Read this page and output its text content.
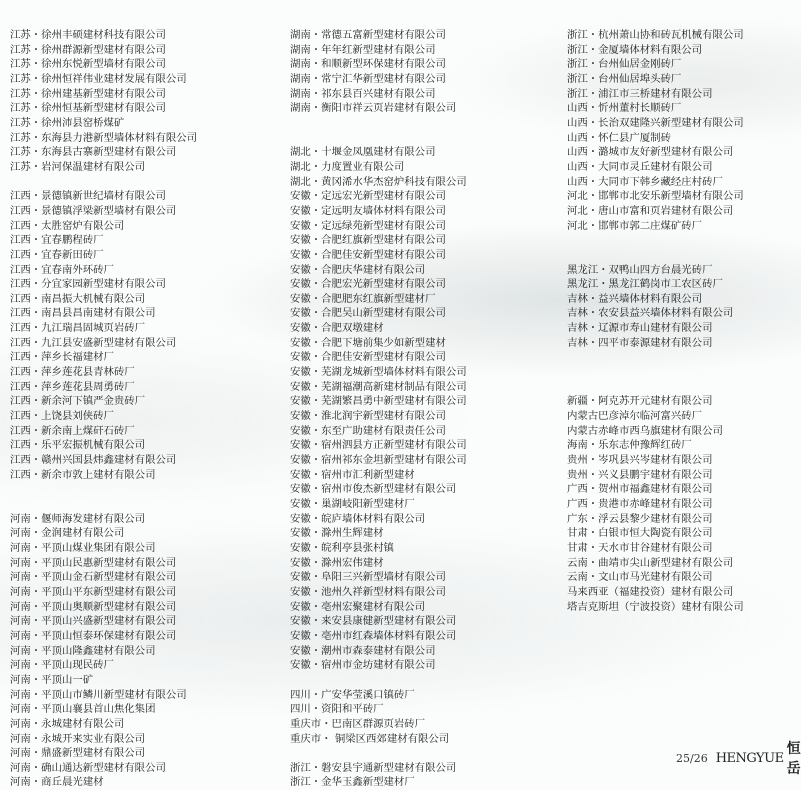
江苏・徐州丰硕建材科技有限公司
江苏・徐州群源新型建材有限公司
江苏・徐州东悦新型墙材有限公司
江苏・徐州恒祥伟业建材发展有限公司
江苏・徐州建基新型建材有限公司
江苏・徐州恒基新型建材有限公司
江苏・徐州沛县窑桥煤矿
江苏・东海县力港新型墙体材料有限公司
江苏・东海县古寨新型建材有限公司
江苏・岩河保温建材有限公司
江西・景德镇新世纪墙材有限公司
江西・景德镇浮梁新型墙材有限公司
江西・太胜窑炉有限公司
江西・宜春鹏程砖厂
江西・宜春新田砖厂
江西・宜春南外环砖厂
江西・分宜家园新型建材有限公司
江西・南昌振大机械有限公司
江西・南昌县昌南建材有限公司
江西・九江瑞昌固城页岩砖厂
江西・九江县安盛新型建材有限公司
江西・萍乡长福建材厂
江西・萍乡莲花县青林砖厂
江西・萍乡莲花县周勇砖厂
江西・新余河下镇严金贵砖厂
江西・上饶县刘侠砖厂
江西・新余南上煤矸石砖厂
江西・乐平宏振机械有限公司
江西・赣州兴国县炜鑫建材有限公司
江西・新余市敦上建材有限公司
河南・偃师海发建材有限公司
河南・金润建材有限公司
河南・平顶山煤业集团有限公司
河南・平顶山民惠新型建材有限公司
河南・平顶山金石新型建材有限公司
河南・平顶山平东新型建材有限公司
河南・平顶山奥顺新型建材有限公司
河南・平顶山兴盛新型建材有限公司
河南・平顶山恒泰环保建材有限公司
河南・平顶山隆鑫建材有限公司
河南・平顶山现民砖厂
河南・平顶山一矿
河南・平顶山市鳞川新型建材有限公司
河南・平顶山襄县首山焦化集团
河南・永城建材有限公司
河南・永城开来实业有限公司
河南・鼎盛新型建材有限公司
河南・确山通达新型建材有限公司
河南・商丘晨光建材
湖南・常德五富新型建材有限公司
湖南・年年红新型建材有限公司
湖南・和顺新型环保建材有限公司
湖南・常宁汇华新型建材有限公司
湖南・祁东县百兴建材有限公司
湖南・衡阳市祥云页岩建材有限公司
湖北・十堰金凤凰建材有限公司
湖北・力度置业有限公司
湖北・黄冈浠水华杰窑炉科技有限公司
安徽・定远宏光新型建材有限公司
安徽・定远明友墙体材料有限公司
安徽・定远绿苑新型建材有限公司
安徽・合肥红旗新型建材有限公司
安徽・合肥佳安新型建材有限公司
安徽・合肥庆华建材有限公司
安徽・合肥宏光新型建材有限公司
安徽・合肥肥东红旗新型建材厂
安徽・合肥吴山新型建材有限公司
安徽・合肥双墩建材
安徽・合肥下塘前集少如新型建材
安徽・合肥佳安新型建材有限公司
安徽・芜湖龙城新型墙体材料有限公司
安徽・芜湖福潮高新建材制品有限公司
安徽・芜湖繁昌勇中新型建材有限公司
安徽・淮北润宇新型建材有限公司
安徽・东至广助建材有限责任公司
安徽・宿州泗县方正新型建材有限公司
安徽・宿州祁东金坦新型建材有限公司
安徽・宿州市汇利新型建材
安徽・宿州市俊杰新型建材有限公司
安徽・巢湖岐阳新型建材厂
安徽・皖庐墙体材料有限公司
安徽・滁州生辉建材
安徽・皖利亭县张村镇
安徽・滁州宏伟建材
安徽・阜阳三兴新型墙材有限公司
安徽・池州久祥新型材料有限公司
安徽・亳州宏聚建材有限公司
安徽・来安县康健新型建材有限公司
安徽・亳州市红森墙体材料有限公司
安徽・潮州市森泰建材有限公司
安徽・宿州市金坊建材有限公司
四川・广安华莹溪口镇砖厂
四川・资阳和平砖厂
重庆市・巴南区群源页岩砖厂
重庆市・ 铜梁区西郊建材有限公司
浙江・磐安县宇通新型建材有限公司
浙江・金华玉鑫新型建材厂
浙江・杭州萧山协和砖瓦机械有限公司
浙江・金厦墙体材料有限公司
浙江・台州仙居金刚砖厂
浙江・台州仙居埠头砖厂
浙江・浦江市三桥建材有限公司
山西・忻州董村长顺砖厂
山西・长治双建隆兴新型建材有限公司
山西・怀仁县广厦制砖
山西・潞城市友好新型建材有限公司
山西・大同市灵丘建材有限公司
山西・大同市下韩乡藏经庄村砖厂
河北・邯郸市北安乐新型墙材有限公司
河北・唐山市富和页岩建材有限公司
河北・邯郸市郭二庄煤矿砖厂
黑龙江・双鸭山四方台晨光砖厂
黑龙江・黑龙江鹤岗市工农区砖厂
吉林・益兴墙体材料有限公司
吉林・农安县益兴墙体材料有限公司
吉林・辽源市寿山建材有限公司
吉林・四平市泰源建材有限公司
新疆・阿克苏开元建材有限公司
内蒙古巴彦淖尔临河富兴砖厂
内蒙古赤峰市西乌旗建材有限公司
海南・乐东志仲豫辉红砖厂
贵州・岑巩县兴岑建材有限公司
贵州・兴义县鹏宇建材有限公司
广西・贺州市福鑫建材有限公司
广西・贵港市赤峰建材有限公司
广东・浮云县黎少建材有限公司
甘肃・白银市恒大陶瓷有限公司
甘肃・天水市甘谷建材有限公司
云南・曲靖市尖山新型建材有限公司
云南・文山市马光建材有限公司
马来西亚（福建投资）建材有限公司
塔吉克斯坦（宁波投资）建材有限公司
25/26 HENGYUE
恒岳
